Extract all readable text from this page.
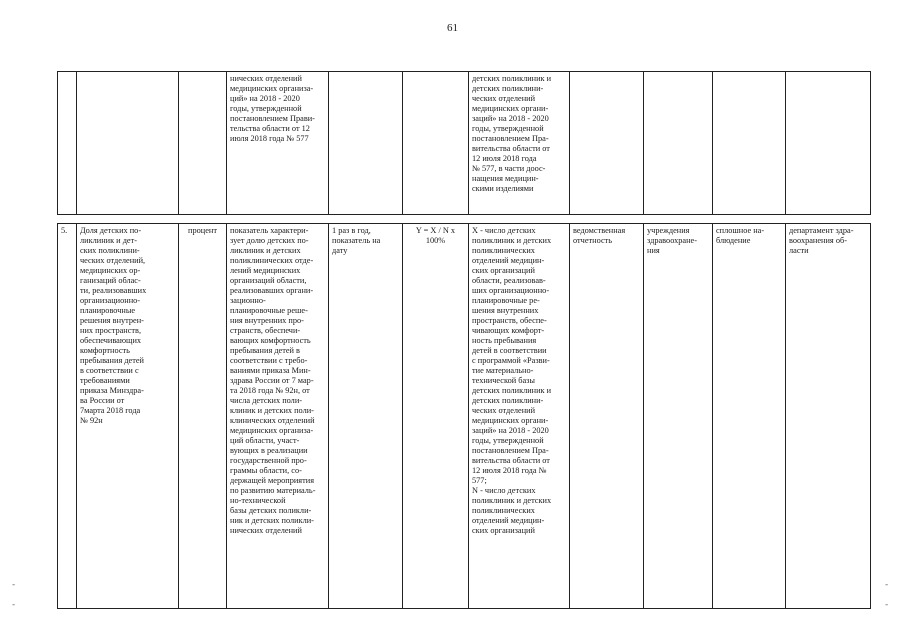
61
-
-
-
-
нических отделений
медицинских организа-
ций» на 2018 - 2020
годы, утвержденной
постановлением Прави-
тельства области от 12
июля 2018 года № 577
детских поликлиник и
детских поликлини-
ческих отделений
медицинских органи-
заций» на 2018 - 2020
годы, утвержденной
постановлением Пра-
вительства области от
12 июля 2018 года
№ 577, в части доос-
нащения медицин-
скими изделиями
5.	Доля детских по-
ликлиник и дет-
ских поликлини-
ческих отделений,
медицинских ор-
ганизаций облас-
ти, реализовавших
организационно-
планировочные
решения внутрен-
них пространств,
обеспечивающих
комфортность
пребывания детей
в соответствии с
требованиями
приказа Минздра-
ва России от
7марта 2018 года
№ 92н
процент	показатель характери-
зует долю детских по-
ликлиник и детских
поликлинических отде-
лений медицинских
организаций области,
реализовавших органи-
зационно-
планировочные реше-
ния внутренних про-
странств, обеспечи-
вающих комфортность
пребывания детей в
соответствии с требо-
ваниями приказа Мин-
здрава России от 7 мар-
та 2018 года № 92н, от
числа детских поли-
клиник и детских поли-
клинических отделений
медицинских организа-
ций области, участ-
вующих в реализации
государственной про-
граммы области, со-
держащей мероприятия
по развитию материаль-
но-технической
базы детских поликли-
ник и детских поликли-
нических отделений
1 раз в год,
показатель на
дату
Y = X / N x
100%
X - число детских
поликлиник и детских
поликлинических
отделений медицин-
ских организаций
области, реализовав-
ших организационно-
планировочные ре-
шения внутренних
пространств, обеспе-
чивающих комфорт-
ность пребывания
детей в соответствии
с программой «Разви-
тие материально-
технической базы
детских поликлиник и
детских поликлини-
ческих отделений
медицинских органи-
заций» на 2018 - 2020
годы, утвержденной
постановлением Пра-
вительства области от
12 июля 2018 года №
577;
N - число детских
поликлиник и детских
поликлинических
отделений медицин-
ских организаций
ведомственная
отчетность
учреждения
здравоохране-
ния
сплошное на-
блюдение
департамент здра-
воохранения об-
ласти
